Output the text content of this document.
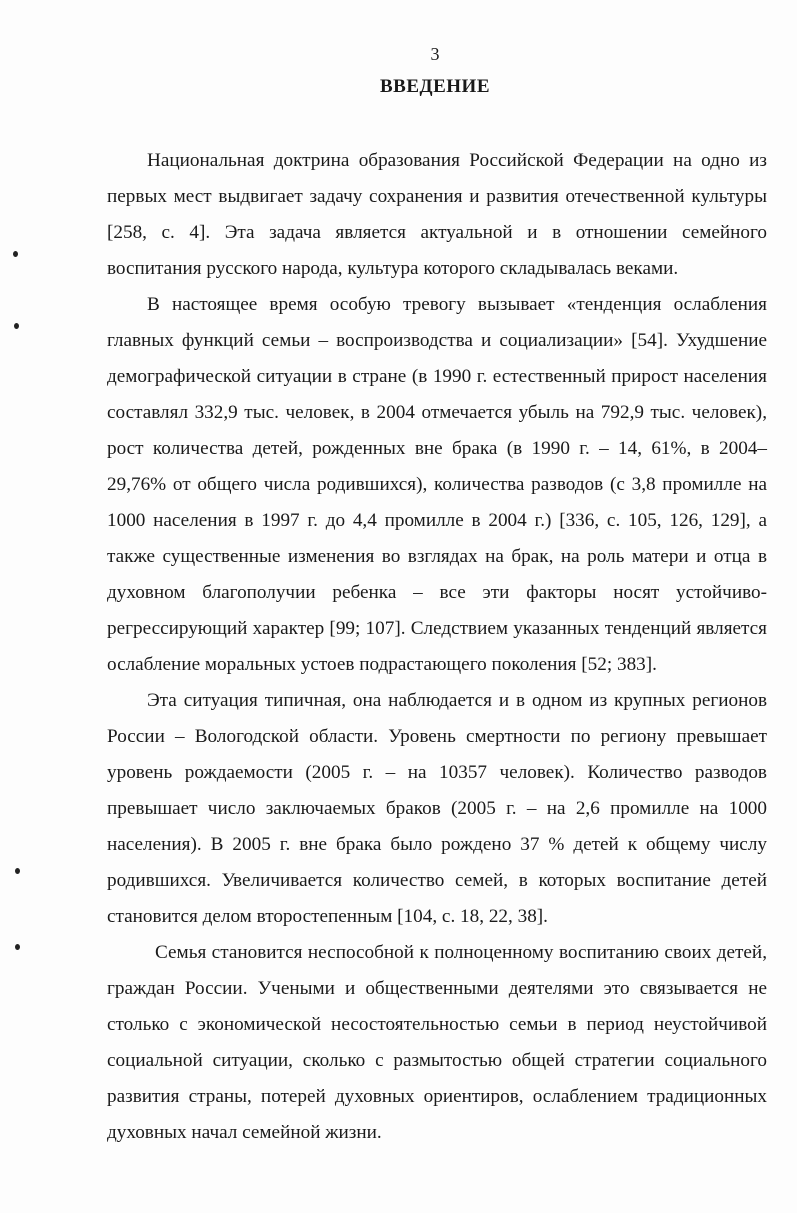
3
ВВЕДЕНИЕ

Национальная доктрина образования Российской Федерации на одно из первых мест выдвигает задачу сохранения и развития отечественной культуры [258, с. 4]. Эта задача является актуальной и в отношении семейного воспитания русского народа, культура которого складывалась веками.

В настоящее время особую тревогу вызывает «тенденция ослабления главных функций семьи – воспроизводства и социализации» [54]. Ухудшение демографической ситуации в стране (в 1990 г. естественный прирост населения составлял 332,9 тыс. человек, в 2004 отмечается убыль на 792,9 тыс. человек), рост количества детей, рожденных вне брака (в 1990 г. – 14, 61%, в 2004–29,76% от общего числа родившихся), количества разводов (с 3,8 промилле на 1000 населения в 1997 г. до 4,4 промилле в 2004 г.) [336, с. 105, 126, 129], а также существенные изменения во взглядах на брак, на роль матери и отца в духовном благополучии ребенка – все эти факторы носят устойчиво-регрессирующий характер [99; 107]. Следствием указанных тенденций является ослабление моральных устоев подрастающего поколения [52; 383].

Эта ситуация типичная, она наблюдается и в одном из крупных регионов России – Вологодской области. Уровень смертности по региону превышает уровень рождаемости (2005 г. – на 10357 человек). Количество разводов превышает число заключаемых браков (2005 г. – на 2,6 промилле на 1000 населения). В 2005 г. вне брака было рождено 37 % детей к общему числу родившихся. Увеличивается количество семей, в которых воспитание детей становится делом второстепенным [104, с. 18, 22, 38].

Семья становится неспособной к полноценному воспитанию своих детей, граждан России. Учеными и общественными деятелями это связывается не столько с экономической несостоятельностью семьи в период неустойчивой социальной ситуации, сколько с размытостью общей стратегии социального развития страны, потерей духовных ориентиров, ослаблением традиционных духовных начал семейной жизни.
